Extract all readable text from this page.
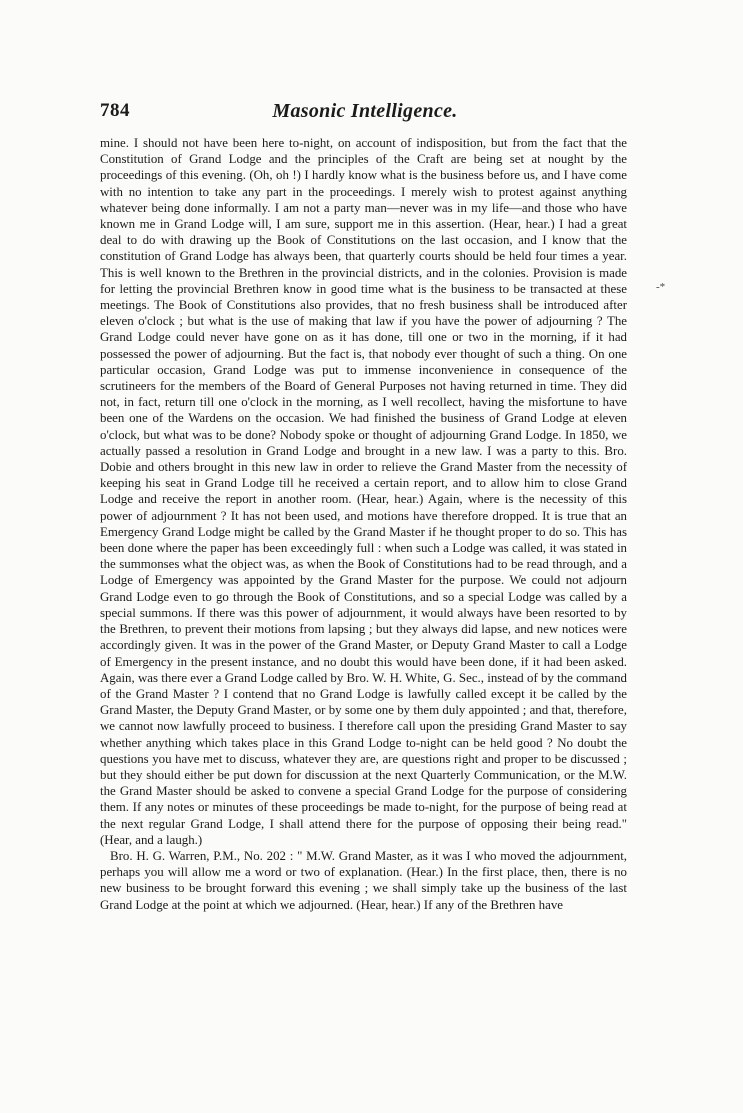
784	Masonic Intelligence.

mine. I should not have been here to-night, on account of indisposition, but from the fact that the Constitution of Grand Lodge and the principles of the Craft are being set at nought by the proceedings of this evening. (Oh, oh !) I hardly know what is the business before us, and I have come with no intention to take any part in the proceedings. I merely wish to protest against anything whatever being done informally. I am not a party man—never was in my life—and those who have known me in Grand Lodge will, I am sure, support me in this assertion. (Hear, hear.) I had a great deal to do with drawing up the Book of Constitutions on the last occasion, and I know that the constitution of Grand Lodge has always been, that quarterly courts should be held four times a year. This is well known to the Brethren in the provincial districts, and in the colonies. Provision is made for letting the provincial Brethren know in good time what is the business to be transacted at these meetings. The Book of Constitutions also provides, that no fresh business shall be introduced after eleven o'clock ; but what is the use of making that law if you have the power of adjourning ? The Grand Lodge could never have gone on as it has done, till one or two in the morning, if it had possessed the power of adjourning. But the fact is, that nobody ever thought of such a thing. On one particular occasion, Grand Lodge was put to immense inconvenience in consequence of the scrutineers for the members of the Board of General Purposes not having returned in time. They did not, in fact, return till one o'clock in the morning, as I well recollect, having the misfortune to have been one of the Wardens on the occasion. We had finished the business of Grand Lodge at eleven o'clock, but what was to be done? Nobody spoke or thought of adjourning Grand Lodge. In 1850, we actually passed a resolution in Grand Lodge and brought in a new law. I was a party to this. Bro. Dobie and others brought in this new law in order to relieve the Grand Master from the necessity of keeping his seat in Grand Lodge till he received a certain report, and to allow him to close Grand Lodge and receive the report in another room. (Hear, hear.) Again, where is the necessity of this power of adjournment ? It has not been used, and motions have therefore dropped. It is true that an Emergency Grand Lodge might be called by the Grand Master if he thought proper to do so. This has been done where the paper has been exceedingly full : when such a Lodge was called, it was stated in the summonses what the object was, as when the Book of Constitutions had to be read through, and a Lodge of Emergency was appointed by the Grand Master for the purpose. We could not adjourn Grand Lodge even to go through the Book of Constitutions, and so a special Lodge was called by a special summons. If there was this power of adjournment, it would always have been resorted to by the Brethren, to prevent their motions from lapsing ; but they always did lapse, and new notices were accordingly given. It was in the power of the Grand Master, or Deputy Grand Master to call a Lodge of Emergency in the present instance, and no doubt this would have been done, if it had been asked. Again, was there ever a Grand Lodge called by Bro. W. H. White, G. Sec., instead of by the command of the Grand Master ? I contend that no Grand Lodge is lawfully called except it be called by the Grand Master, the Deputy Grand Master, or by some one by them duly appointed ; and that, therefore, we cannot now lawfully proceed to business. I therefore call upon the presiding Grand Master to say whether anything which takes place in this Grand Lodge to-night can be held good ? No doubt the questions you have met to discuss, whatever they are, are questions right and proper to be discussed ; but they should either be put down for discussion at the next Quarterly Communication, or the M.W. the Grand Master should be asked to convene a special Grand Lodge for the purpose of considering them. If any notes or minutes of these proceedings be made to-night, for the purpose of being read at the next regular Grand Lodge, I shall attend there for the purpose of opposing their being read." (Hear, and a laugh.)

Bro. H. G. Warren, P.M., No. 202 : " M.W. Grand Master, as it was I who moved the adjournment, perhaps you will allow me a word or two of explanation. (Hear.) In the first place, then, there is no new business to be brought forward this evening ; we shall simply take up the business of the last Grand Lodge at the point at which we adjourned. (Hear, hear.) If any of the Brethren have

-*
